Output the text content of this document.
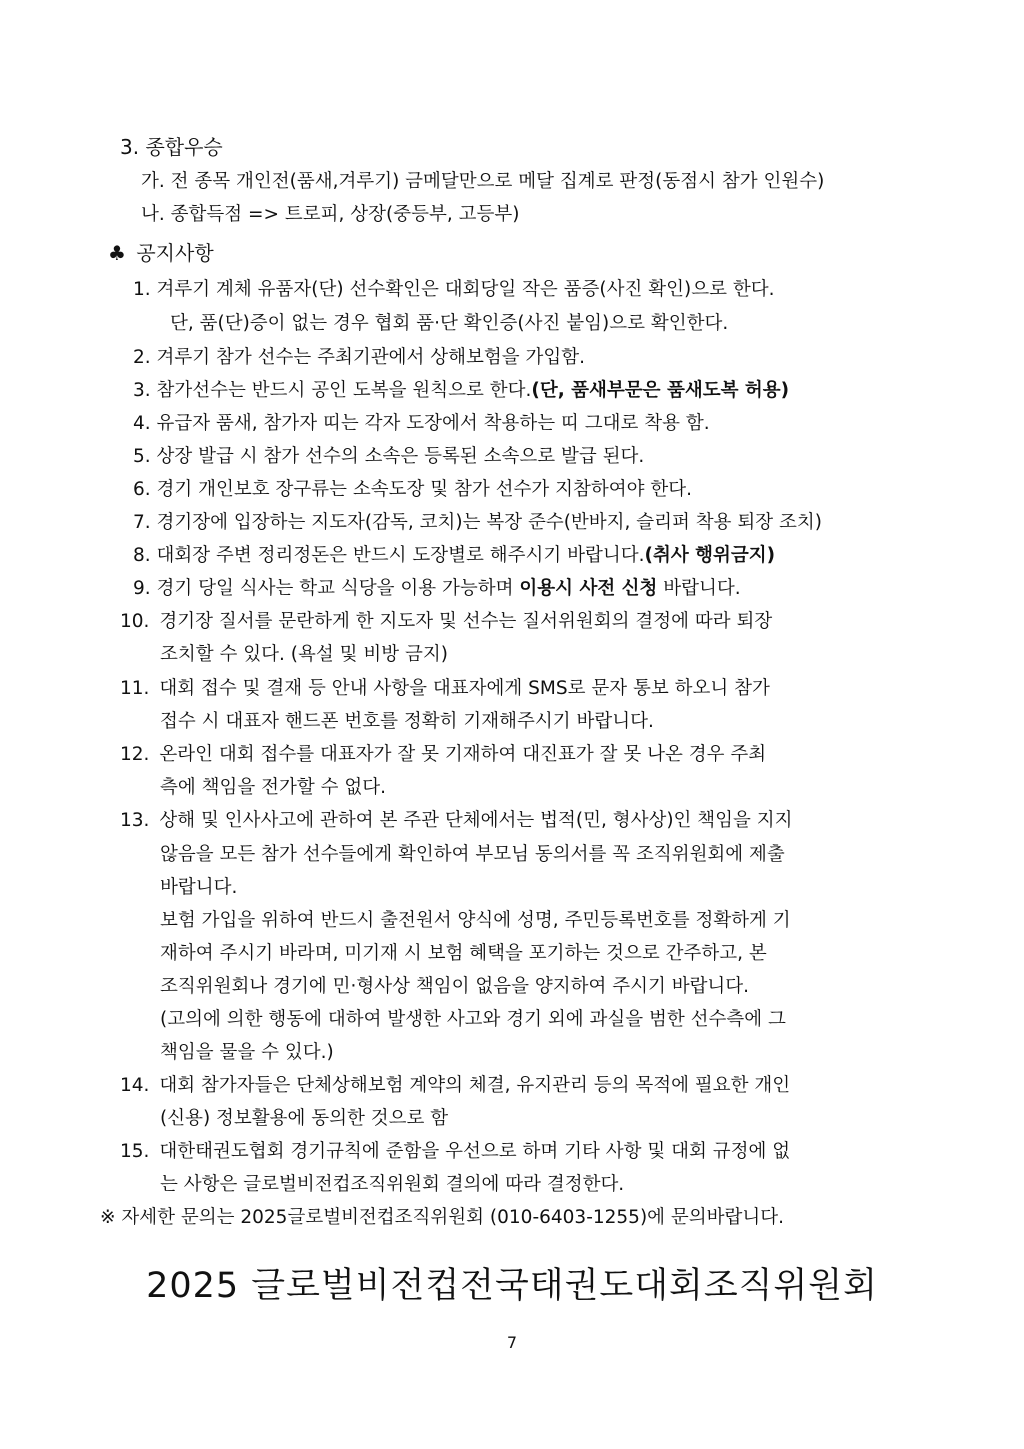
3. 종합우승
가. 전 종목 개인전(품새,겨루기) 금메달만으로 메달 집계로 판정(동점시 참가 인원수)
나. 종합득점 => 트로피, 상장(중등부, 고등부)
♣ 공지사항
1. 겨루기 계체 유품자(단) 선수확인은 대회당일 작은 품증(사진 확인)으로 한다.
단, 품(단)증이 없는 경우 협회 품·단 확인증(사진 붙임)으로 확인한다.
2. 겨루기 참가 선수는 주최기관에서 상해보험을 가입함.
3. 참가선수는 반드시 공인 도복을 원칙으로 한다.(단, 품새부문은 품새도복 허용)
4. 유급자 품새, 참가자 띠는 각자 도장에서 착용하는 띠 그대로 착용 함.
5. 상장 발급 시 참가 선수의 소속은 등록된 소속으로 발급 된다.
6. 경기 개인보호 장구류는 소속도장 및 참가 선수가 지참하여야 한다.
7. 경기장에 입장하는 지도자(감독, 코치)는 복장 준수(반바지, 슬리퍼 착용 퇴장 조치)
8. 대회장 주변 정리정돈은 반드시 도장별로 해주시기 바랍니다.(취사 행위금지)
9. 경기 당일 식사는 학교 식당을 이용 가능하며 이용시 사전 신청 바랍니다.
10. 경기장 질서를 문란하게 한 지도자 및 선수는 질서위원회의 결정에 따라 퇴장
조치할 수 있다. (욕설 및 비방 금지)
11. 대회 접수 및 결재 등 안내 사항을 대표자에게 SMS로 문자 통보 하오니 참가
접수 시 대표자 핸드폰 번호를 정확히 기재해주시기 바랍니다.
12. 온라인 대회 접수를 대표자가 잘 못 기재하여 대진표가 잘 못 나온 경우 주최
측에 책임을 전가할 수 없다.
13. 상해 및 인사사고에 관하여 본 주관 단체에서는 법적(민, 형사상)인 책임을 지지
않음을 모든 참가 선수들에게 확인하여 부모님 동의서를 꼭 조직위원회에 제출
바랍니다.
보험 가입을 위하여 반드시 출전원서 양식에 성명, 주민등록번호를 정확하게 기
재하여 주시기 바라며, 미기재 시 보험 혜택을 포기하는 것으로 간주하고, 본
조직위원회나 경기에 민·형사상 책임이 없음을 양지하여 주시기 바랍니다.
(고의에 의한 행동에 대하여 발생한 사고와 경기 외에 과실을 범한 선수측에 그
책임을 물을 수 있다.)
14. 대회 참가자들은 단체상해보험 계약의 체결, 유지관리 등의 목적에 필요한 개인
(신용) 정보활용에 동의한 것으로 함
15. 대한태권도협회 경기규칙에 준함을 우선으로 하며 기타 사항 및 대회 규정에 없
는 사항은 글로벌비전컵조직위원회 결의에 따라 결정한다.
※ 자세한 문의는 2025글로벌비전컵조직위원회 (010-6403-1255)에 문의바랍니다.
2025 글로벌비전컵전국태권도대회조직위원회
7
